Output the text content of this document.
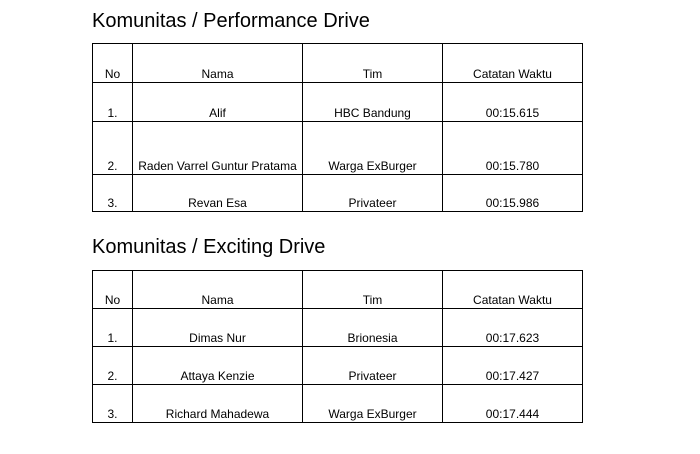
Komunitas / Performance Drive
No	Nama	Tim	Catatan Waktu
1.	Alif	HBC Bandung	00:15.615
2.	Raden Varrel Guntur Pratama	Warga ExBurger	00:15.780
3.	Revan Esa	Privateer	00:15.986
Komunitas / Exciting Drive
No	Nama	Tim	Catatan Waktu
1.	Dimas Nur	Brionesia	00:17.623
2.	Attaya Kenzie	Privateer	00:17.427
3.	Richard Mahadewa	Warga ExBurger	00:17.444
